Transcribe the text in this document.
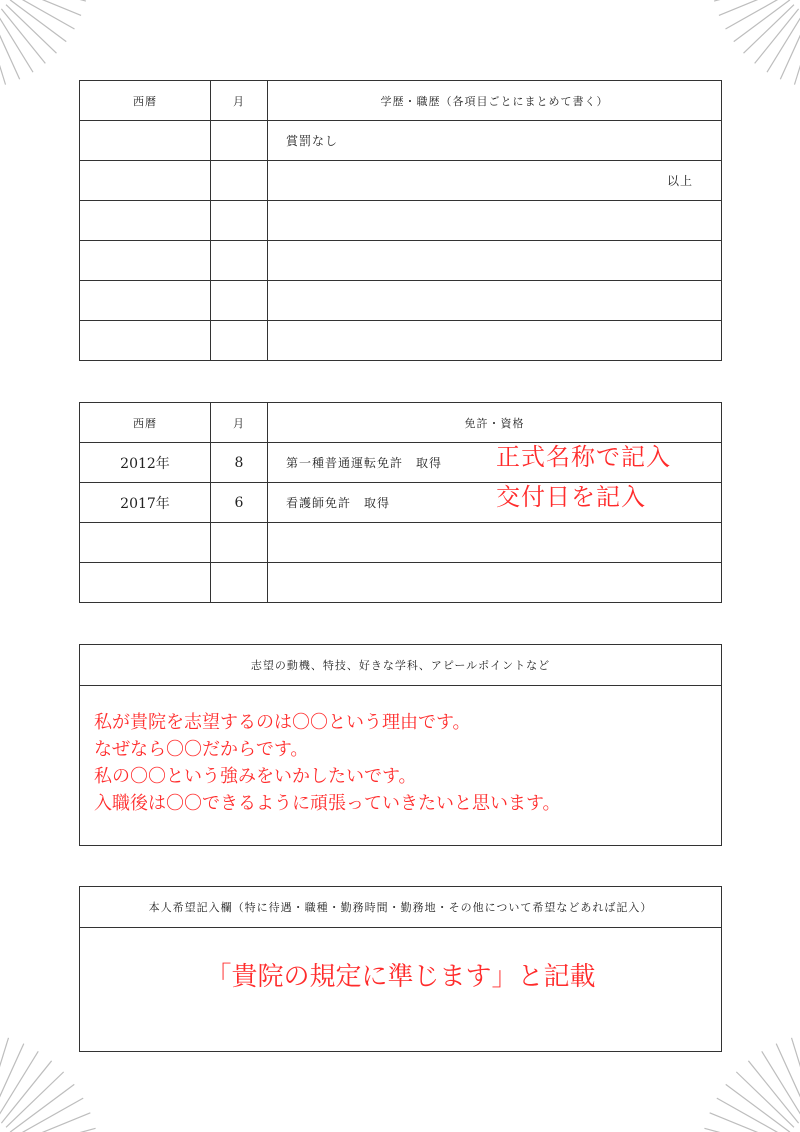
西暦	月	学歴・職歴（各項目ごとにまとめて書く）
		賞罰なし
		以上

西暦	月	免許・資格
2012年	8	第一種普通運転免許　取得 正式名称で記入

2017年	6	看護師免許　取得 交付日を記入

志望の動機、特技、好きな学科、アピールポイントなど
私が貴院を志望するのは〇〇という理由です。
なぜなら〇〇だからです。
私の〇〇という強みをいかしたいです。
入職後は〇〇できるように頑張っていきたいと思います。
本人希望記入欄（特に待遇・職種・勤務時間・勤務地・その他について希望などあれば記入）
「貴院の規定に準じます」と記載
